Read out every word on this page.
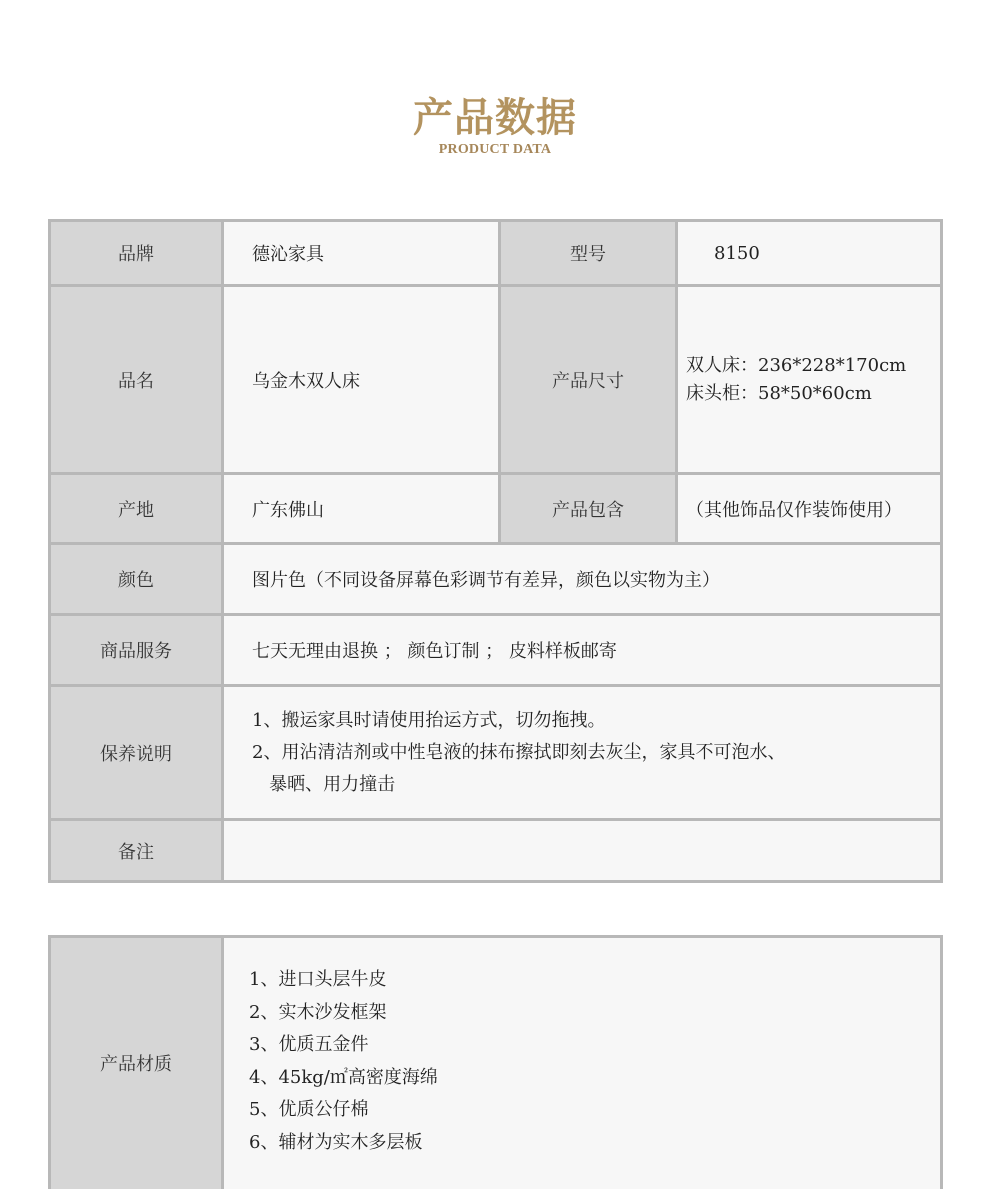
产品数据
PRODUCT DATA
品牌	德沁家具	型号	8150
品名	乌金木双人床	产品尺寸	双人床：236*228*170cm
床头柜：58*50*60cm

产地	广东佛山	产品包含	（其他饰品仅作装饰使用）
颜色	图片色（不同设备屏幕色彩调节有差异，颜色以实物为主）		
商品服务	七天无理由退换 ； 颜色订制 ； 皮料样板邮寄		
保养说明	1、搬运家具时请使用抬运方式，切勿拖拽。
2、用沾清洁剂或中性皂液的抹布擦拭即刻去灰尘，家具不可泡水、
暴晒、用力撞击		

备注			
产品材质	
1、进口头层牛皮
2、实木沙发框架
3、优质五金件
4、45kg/㎡高密度海绵
5、优质公仔棉
6、辅材为实木多层板
